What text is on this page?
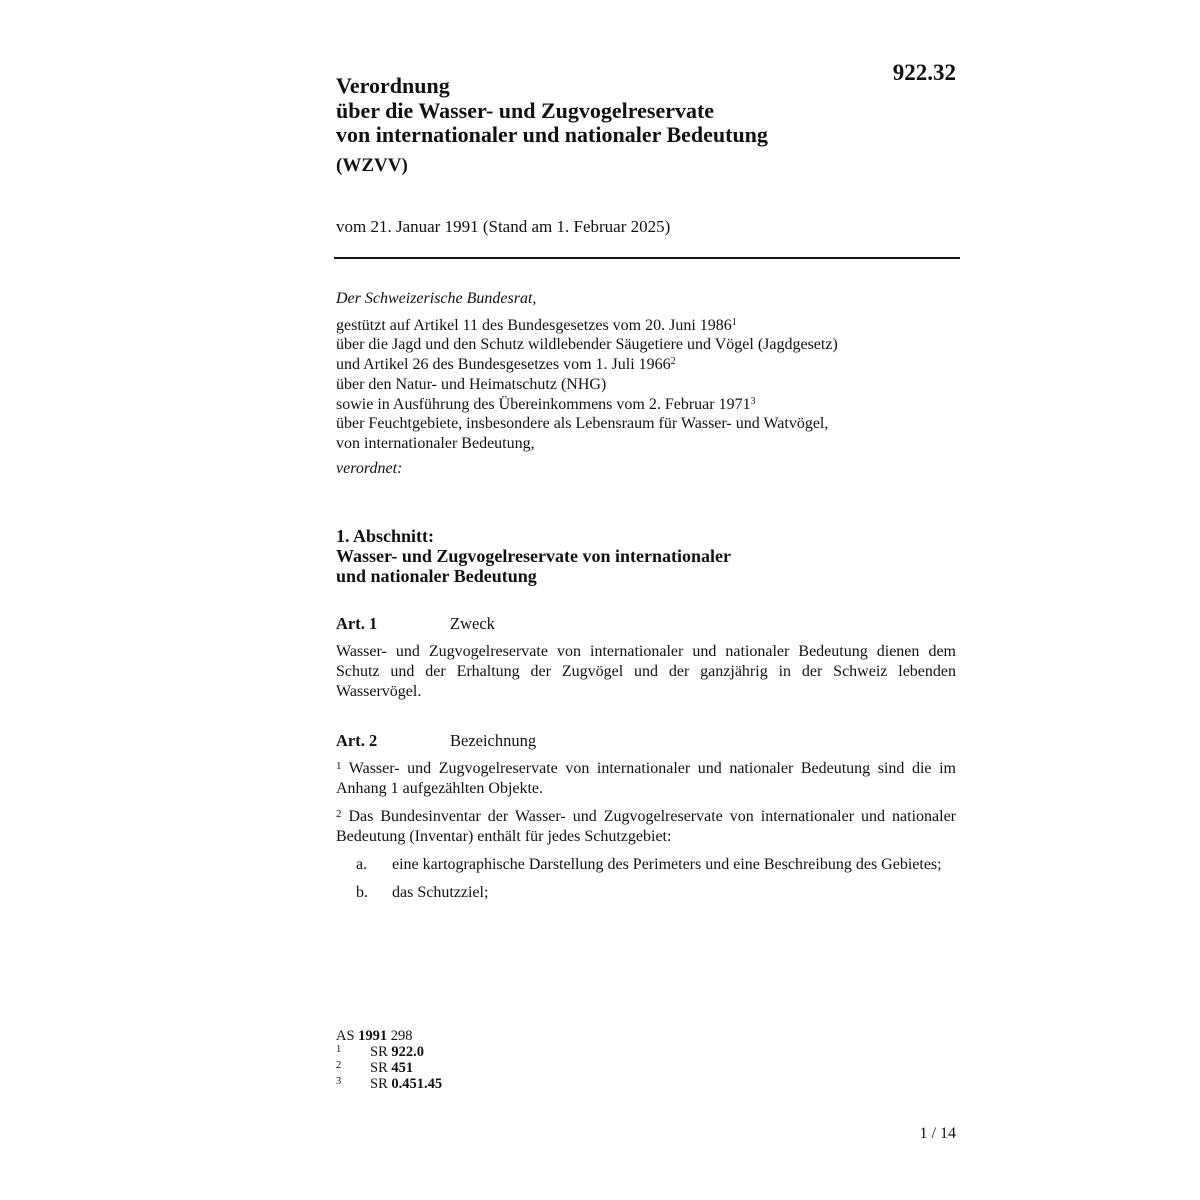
922.32
Verordnung
über die Wasser- und Zugvogelreservate
von internationaler und nationaler Bedeutung
(WZVV)
vom 21. Januar 1991 (Stand am 1. Februar 2025)
Der Schweizerische Bundesrat,
gestützt auf Artikel 11 des Bundesgesetzes vom 20. Juni 1986$^1$
über die Jagd und den Schutz wildlebender Säugetiere und Vögel (Jagdgesetz)
und Artikel 26 des Bundesgesetzes vom 1. Juli 1966$^2$
über den Natur- und Heimatschutz (NHG)
sowie in Ausführung des Übereinkommens vom 2. Februar 1971$^3$
über Feuchtgebiete, insbesondere als Lebensraum für Wasser- und Watvögel,
von internationaler Bedeutung,
verordnet:
1. Abschnitt:
Wasser- und Zugvogelreservate von internationaler
und nationaler Bedeutung
Art. 1	Zweck
Wasser- und Zugvogelreservate von internationaler und nationaler Bedeutung dienen dem Schutz und der Erhaltung der Zugvögel und der ganzjährig in der Schweiz lebenden Wasservögel.
Art. 2	Bezeichnung
$^1$ Wasser- und Zugvogelreservate von internationaler und nationaler Bedeutung sind die im Anhang 1 aufgezählten Objekte.
$^2$ Das Bundesinventar der Wasser- und Zugvogelreservate von internationaler und nationaler Bedeutung (Inventar) enthält für jedes Schutzgebiet:
a.	eine kartographische Darstellung des Perimeters und eine Beschreibung des Gebietes;
b.	das Schutzziel;
AS 1991 298
1	SR 922.0
2	SR 451
3	SR 0.451.45
1 / 14
